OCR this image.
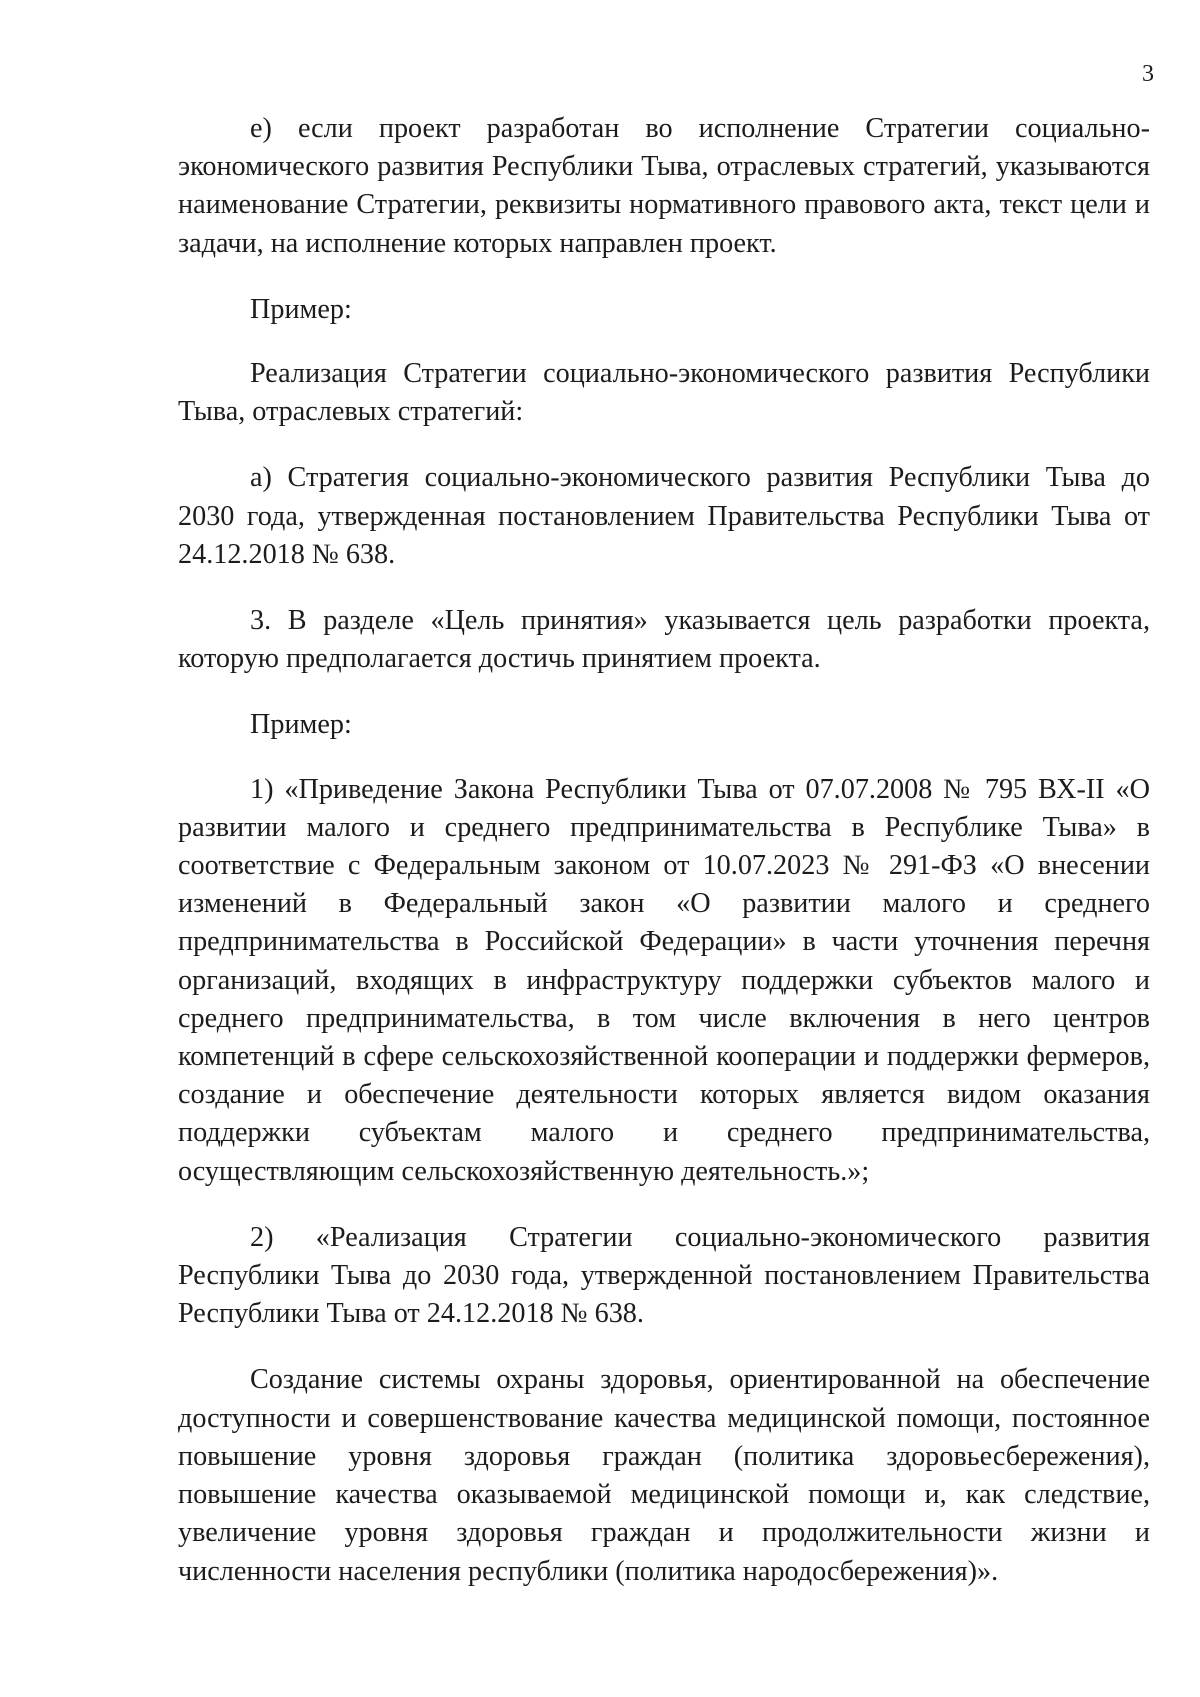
3

е) если проект разработан во исполнение Стратегии социально-экономического развития Республики Тыва, отраслевых стратегий, указываются наименование Стратегии, реквизиты нормативного правового акта, текст цели и задачи, на исполнение которых направлен проект.

Пример:

Реализация Стратегии социально-экономического развития Республики Тыва, отраслевых стратегий:

а) Стратегия социально-экономического развития Республики Тыва до 2030 года, утвержденная постановлением Правительства Республики Тыва от 24.12.2018 № 638.

3. В разделе «Цель принятия» указывается цель разработки проекта, которую предполагается достичь принятием проекта.

Пример:

1) «Приведение Закона Республики Тыва от 07.07.2008 № 795 ВХ-II «О развитии малого и среднего предпринимательства в Республике Тыва» в соответствие с Федеральным законом от 10.07.2023 № 291-ФЗ «О внесении изменений в Федеральный закон «О развитии малого и среднего предпринимательства в Российской Федерации» в части уточнения перечня организаций, входящих в инфраструктуру поддержки субъектов малого и среднего предпринимательства, в том числе включения в него центров компетенций в сфере сельскохозяйственной кооперации и поддержки фермеров, создание и обеспечение деятельности которых является видом оказания поддержки субъектам малого и среднего предпринимательства, осуществляющим сельскохозяйственную деятельность.»;

2) «Реализация Стратегии социально-экономического развития Республики Тыва до 2030 года, утвержденной постановлением Правительства Республики Тыва от 24.12.2018 № 638.

Создание системы охраны здоровья, ориентированной на обеспечение доступности и совершенствование качества медицинской помощи, постоянное повышение уровня здоровья граждан (политика здоровьесбережения), повышение качества оказываемой медицинской помощи и, как следствие, увеличение уровня здоровья граждан и продолжительности жизни и численности населения республики (политика народосбережения)».
